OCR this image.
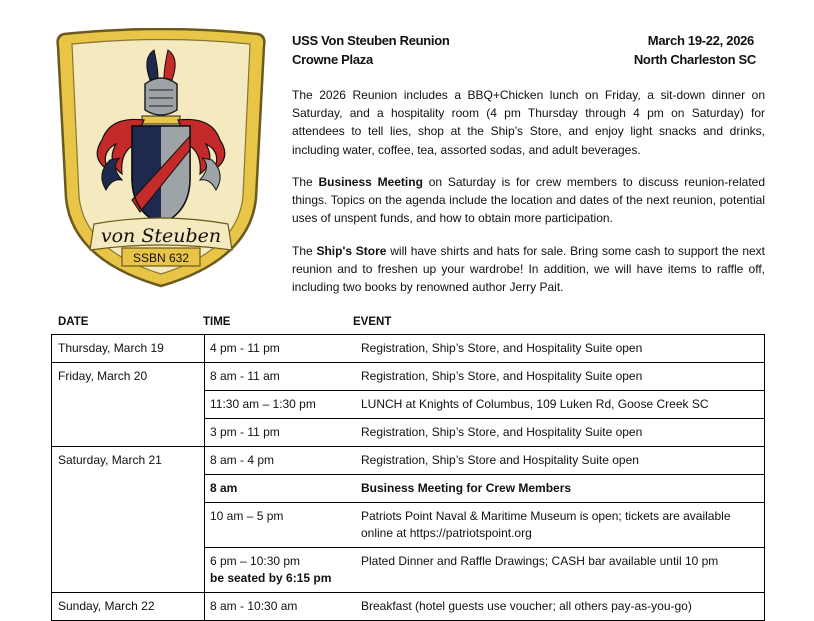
von Steuben
SSBN 632
USS Von Steuben Reunion
Crowne Plaza
March 19-22, 2026
North Charleston SC
The 2026 Reunion includes a BBQ+Chicken lunch on Friday, a sit-down dinner on Saturday, and a hospitality room (4 pm Thursday through 4 pm on Saturday) for attendees to tell lies, shop at the Ship’s Store, and enjoy light snacks and drinks, including water, coffee, tea, assorted sodas, and adult beverages.
The Business Meeting on Saturday is for crew members to discuss reunion-related things. Topics on the agenda include the location and dates of the next reunion, potential uses of unspent funds, and how to obtain more participation.
The Ship's Store will have shirts and hats for sale. Bring some cash to support the next reunion and to freshen up your wardrobe! In addition, we will have items to raffle off, including two books by renowned author Jerry Pait.
DATE	TIME	EVENT
Thursday, March 19	4 pm - 11 pm	Registration, Ship’s Store, and Hospitality Suite open

Friday, March 20	8 am - 11 am	Registration, Ship’s Store, and Hospitality Suite open

	11:30 am – 1:30 pm	LUNCH at Knights of Columbus, 109 Luken Rd, Goose Creek SC

	3 pm - 11 pm	Registration, Ship’s Store, and Hospitality Suite open

Saturday, March 21	8 am - 4 pm	Registration, Ship’s Store and Hospitality Suite open

	8 am	Business Meeting for Crew Members

	10 am – 5 pm	Patriots Point Naval & Maritime Museum is open; tickets are available online at https://patriotspoint.org

	6 pm – 10:30 pm
be seated by 6:15 pm	Plated Dinner and Raffle Drawings; CASH bar available until 10 pm

Sunday, March 22	8 am - 10:30 am	Breakfast (hotel guests use voucher; all others pay-as-you-go)
